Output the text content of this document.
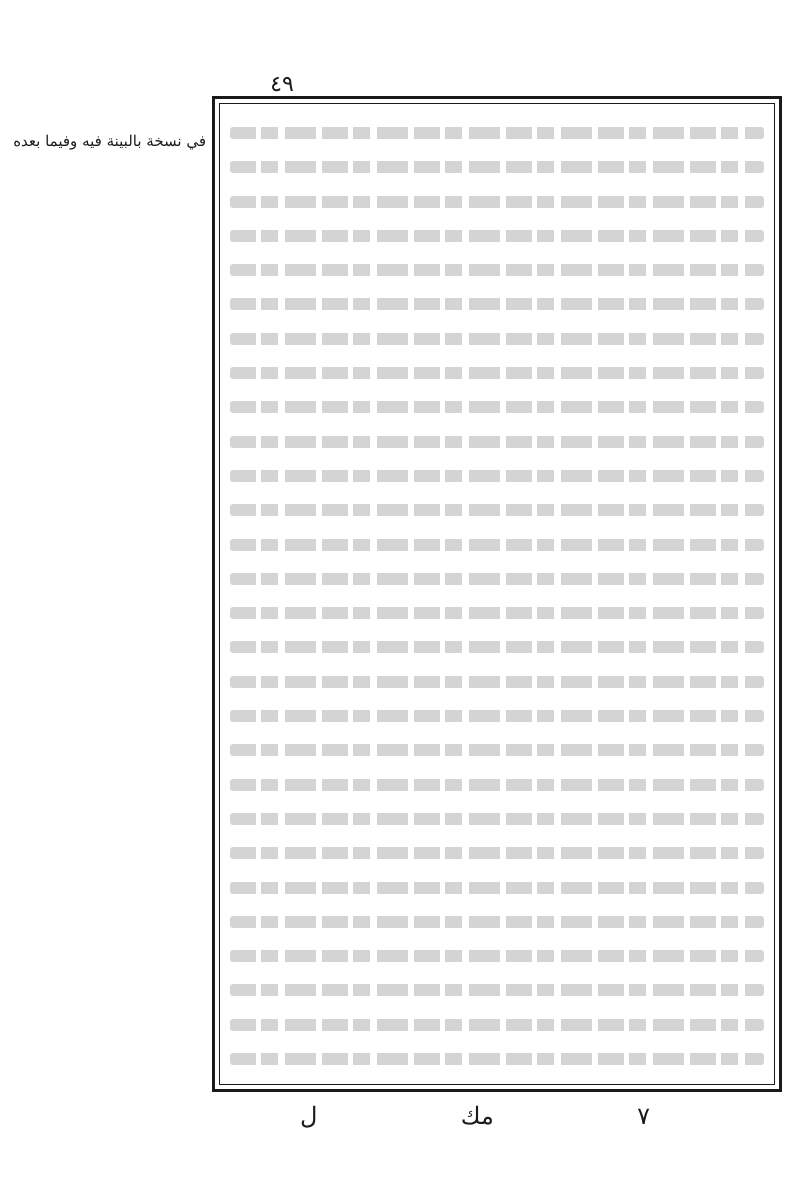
٤٩
في نسخة بالبينة فيه وفيما بعده
٧
مك
ل
